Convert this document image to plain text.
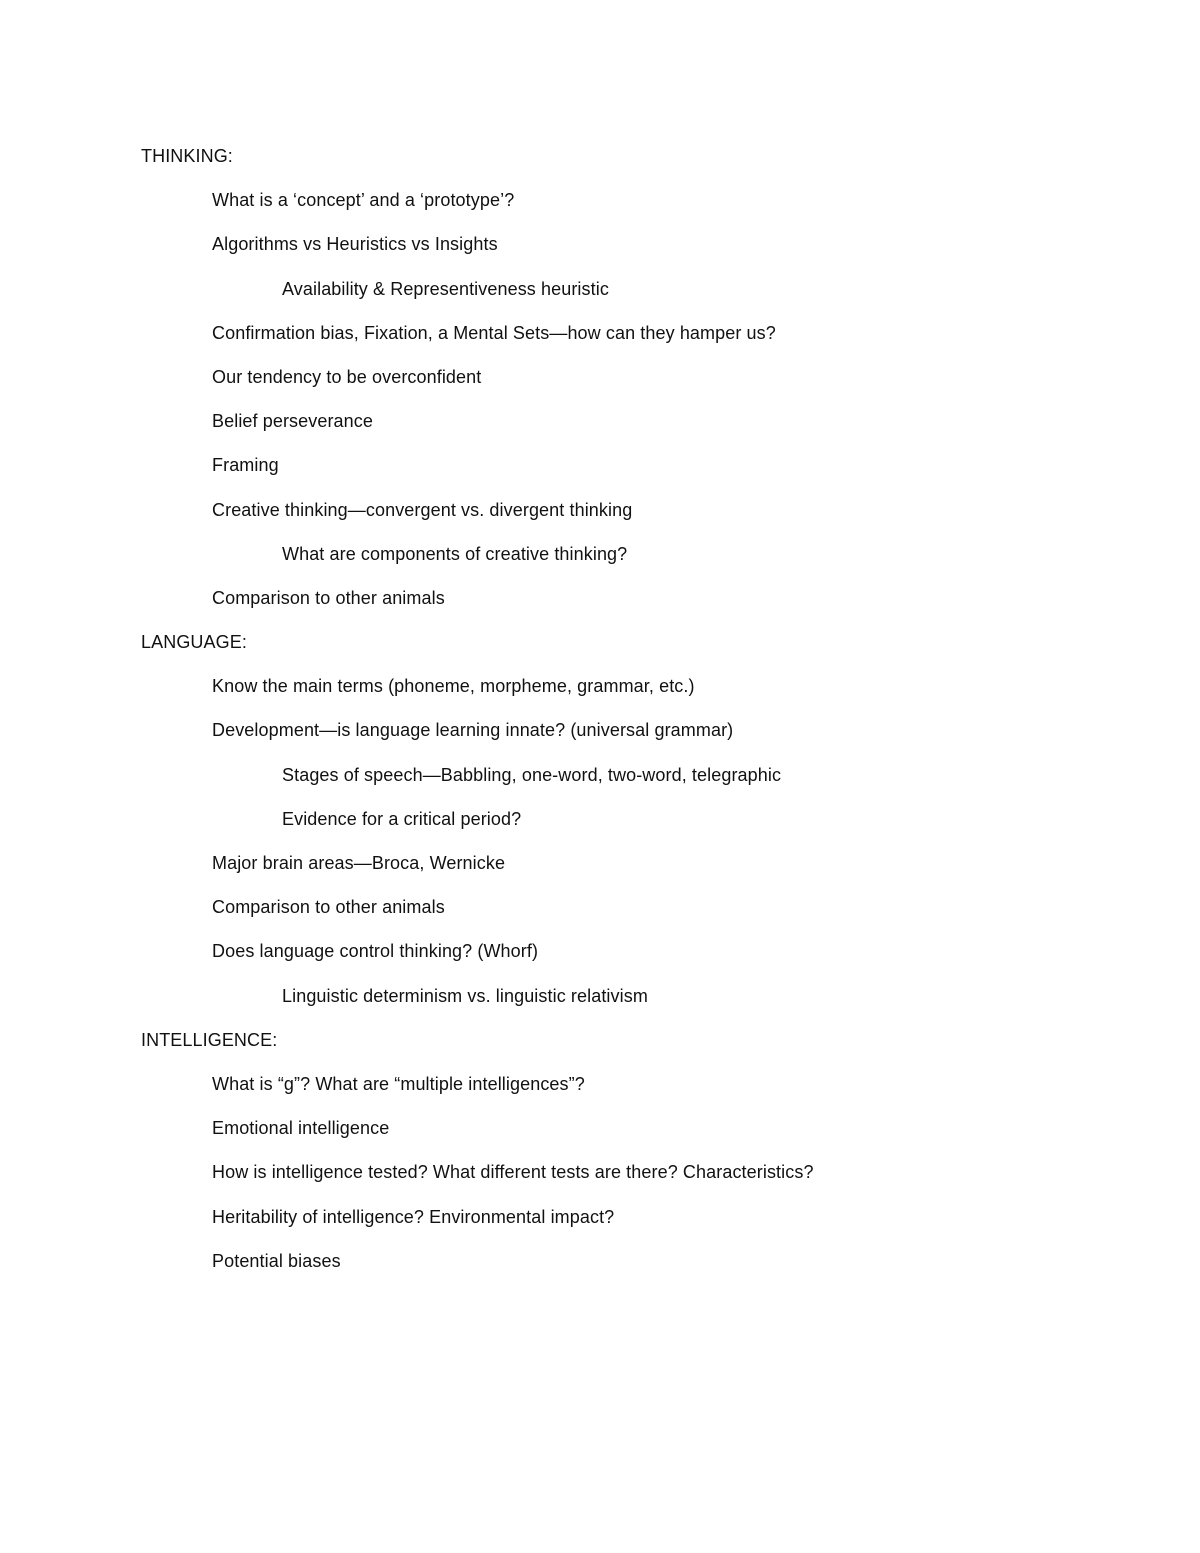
THINKING:
What is a ‘concept’ and a ‘prototype’?
Algorithms vs Heuristics vs Insights
Availability & Representiveness heuristic
Confirmation bias, Fixation, a Mental Sets—how can they hamper us?
Our tendency to be overconfident
Belief perseverance
Framing
Creative thinking—convergent vs. divergent thinking
What are components of creative thinking?
Comparison to other animals
LANGUAGE:
Know the main terms (phoneme, morpheme, grammar, etc.)
Development—is language learning innate? (universal grammar)
Stages of speech—Babbling, one-word, two-word, telegraphic
Evidence for a critical period?
Major brain areas—Broca, Wernicke
Comparison to other animals
Does language control thinking? (Whorf)
Linguistic determinism vs. linguistic relativism
INTELLIGENCE:
What is “g”? What are “multiple intelligences”?
Emotional intelligence
How is intelligence tested? What different tests are there? Characteristics?
Heritability of intelligence? Environmental impact?
Potential biases
